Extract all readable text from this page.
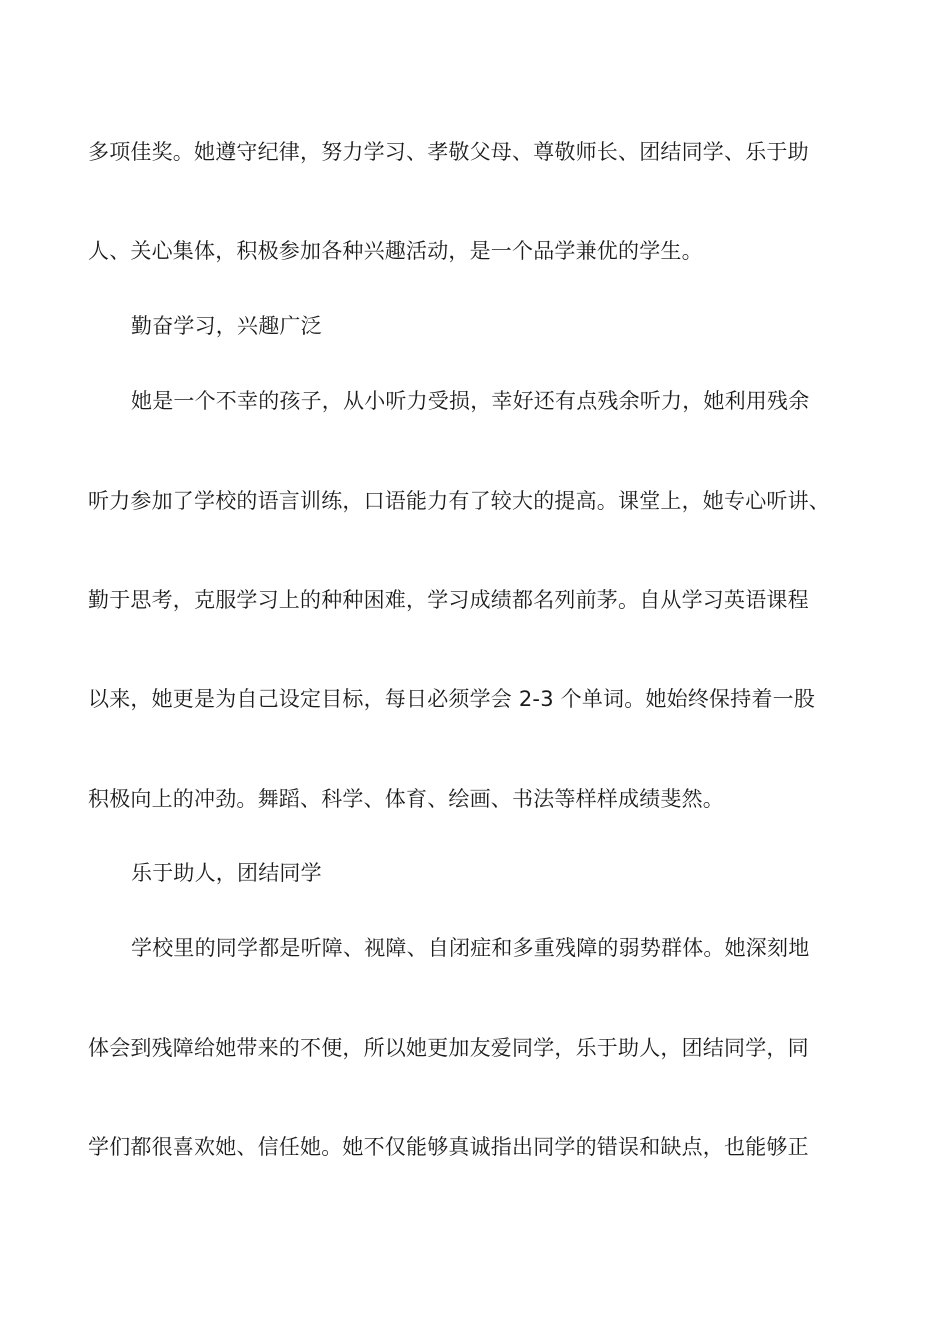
多项佳奖。她遵守纪律，努力学习、孝敬父母、尊敬师长、团结同学、乐于助
人、关心集体，积极参加各种兴趣活动，是一个品学兼优的学生。
勤奋学习，兴趣广泛
她是一个不幸的孩子，从小听力受损，幸好还有点残余听力，她利用残余
听力参加了学校的语言训练，口语能力有了较大的提高。课堂上，她专心听讲、
勤于思考，克服学习上的种种困难，学习成绩都名列前茅。自从学习英语课程
以来，她更是为自己设定目标，每日必须学会 2-3 个单词。她始终保持着一股
积极向上的冲劲。舞蹈、科学、体育、绘画、书法等样样成绩斐然。
乐于助人，团结同学
学校里的同学都是听障、视障、自闭症和多重残障的弱势群体。她深刻地
体会到残障给她带来的不便，所以她更加友爱同学，乐于助人，团结同学，同
学们都很喜欢她、信任她。她不仅能够真诚指出同学的错误和缺点，也能够正
